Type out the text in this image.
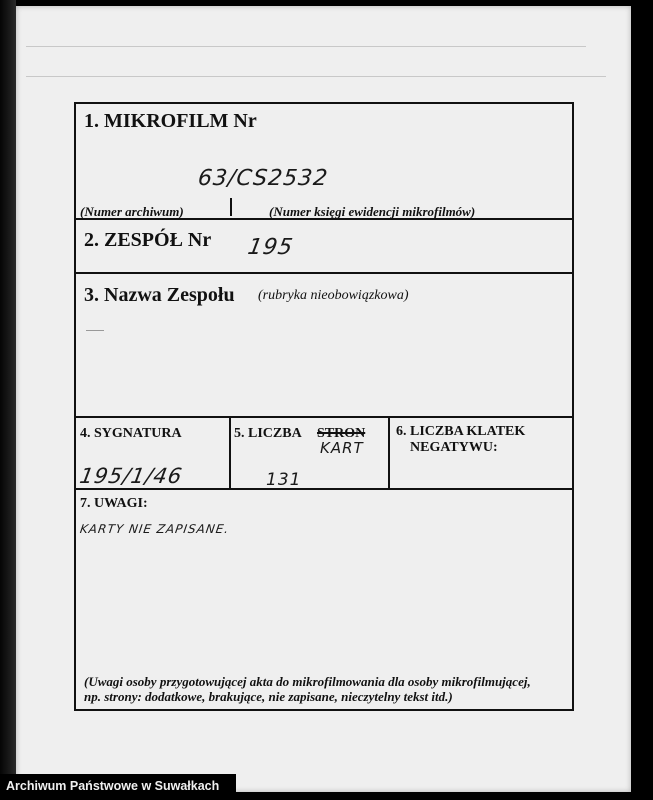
1. MIKROFILM Nr
63/CS2532
(Numer archiwum)	(Numer księgi ewidencji mikrofilmów)
2. ZESPÓŁ Nr 195
3. Nazwa Zespołu (rubryka nieobowiązkowa)
4. SYGNATURA
195/1/46
5. LICZBA STRON
KART
131
6. LICZBA KLATEK
NEGATYWU:
7. UWAGI:
KARTY NIE ZAPISANE.
(Uwagi osoby przygotowującej akta do mikrofilmowania dla osoby mikrofilmującej,
np. strony: dodatkowe, brakujące, nie zapisane, nieczytelny tekst itd.)
Archiwum Państwowe w Suwałkach
